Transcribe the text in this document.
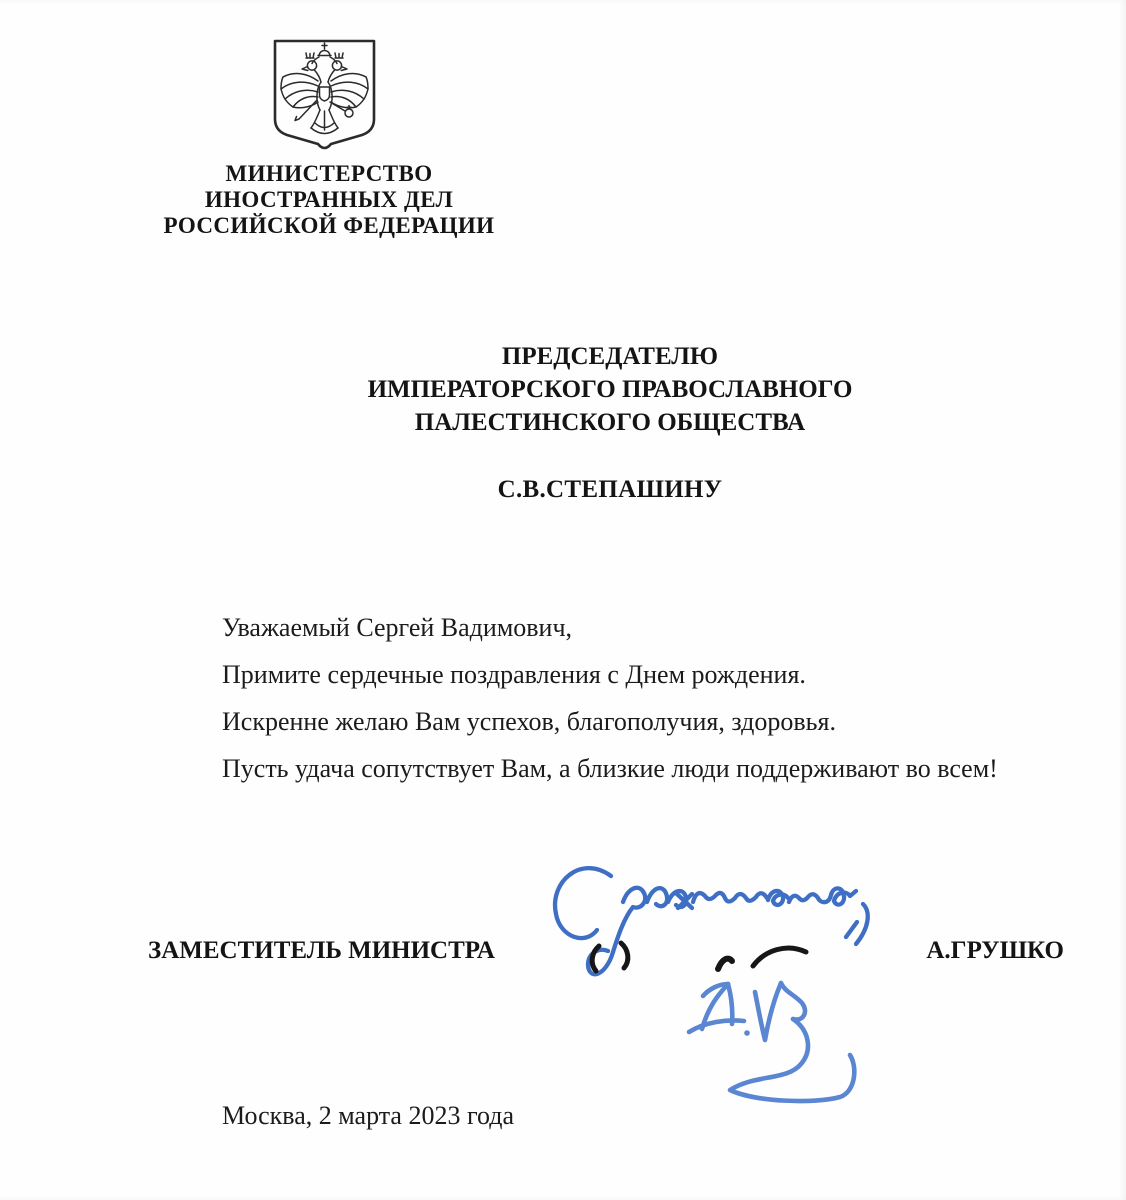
МИНИСТЕРСТВО
ИНОСТРАННЫХ ДЕЛ
РОССИЙСКОЙ ФЕДЕРАЦИИ
ПРЕДСЕДАТЕЛЮ
ИМПЕРАТОРСКОГО ПРАВОСЛАВНОГО
ПАЛЕСТИНСКОГО ОБЩЕСТВА
С.В.СТЕПАШИНУ
Уважаемый Сергей Вадимович,
Примите сердечные поздравления с Днем рождения.
Искренне желаю Вам успехов, благополучия, здоровья.
Пусть удача сопутствует Вам, а близкие люди поддерживают во всем!
ЗАМЕСТИТЕЛЬ МИНИСТРА	А.ГРУШКО
Москва, 2 марта 2023 года
